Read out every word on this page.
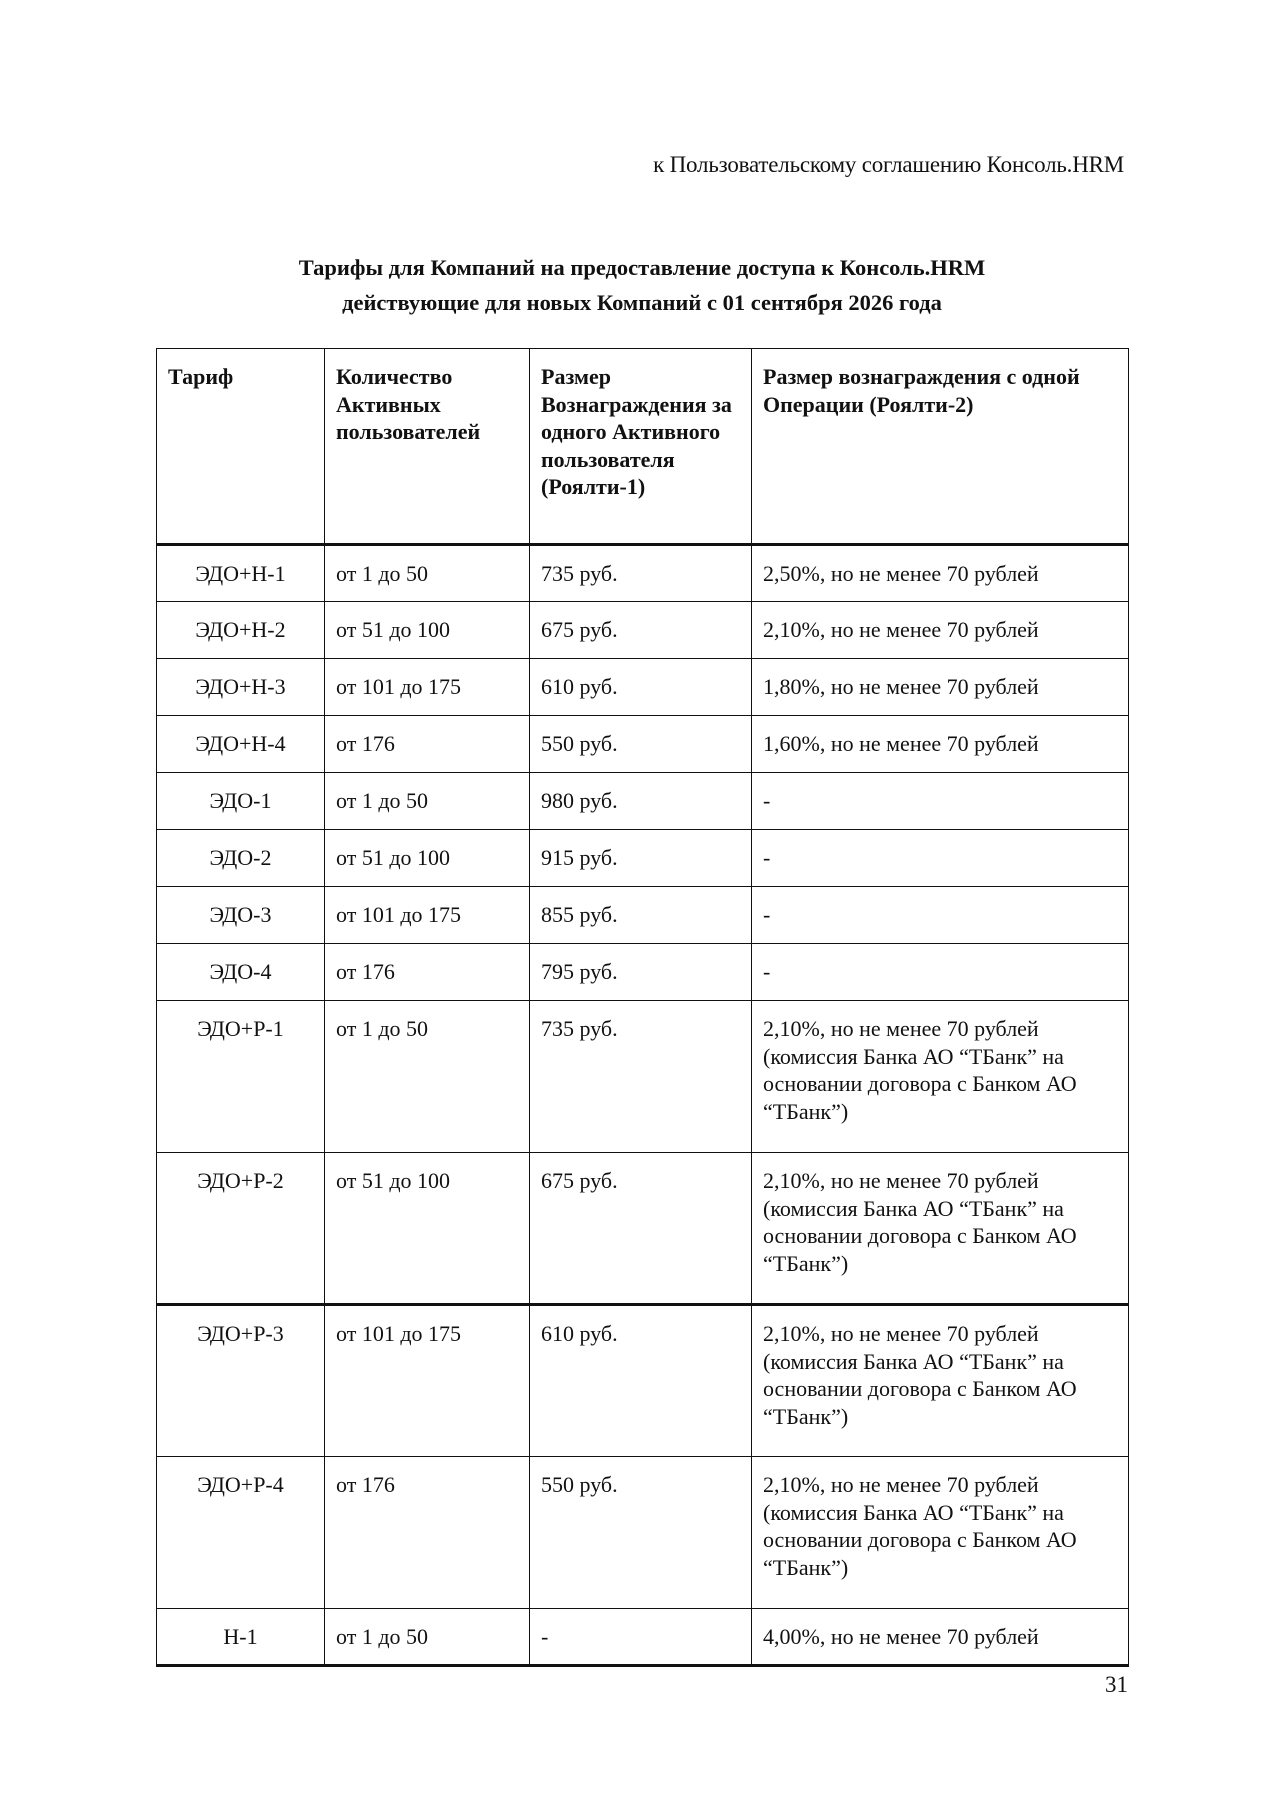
к Пользовательскому соглашению Консоль.HRM
Тарифы для Компаний на предоставление доступа к Консоль.HRM
действующие для новых Компаний с 01 сентября 2026 года
Тариф	Количество Активных пользователей	Размер Вознаграждения за одного Активного пользователя (Роялти-1)	Размер вознаграждения с одной Операции (Роялти-2)
ЭДО+Н-1	от 1 до 50	735 руб.	2,50%, но не менее 70 рублей
ЭДО+Н-2	от 51 до 100	675 руб.	2,10%, но не менее 70 рублей
ЭДО+Н-3	от 101 до 175	610 руб.	1,80%, но не менее 70 рублей
ЭДО+Н-4	от 176	550 руб.	1,60%, но не менее 70 рублей
ЭДО-1	от 1 до 50	980 руб.	-
ЭДО-2	от 51 до 100	915 руб.	-
ЭДО-3	от 101 до 175	855 руб.	-
ЭДО-4	от 176	795 руб.	-
ЭДО+Р-1	от 1 до 50	735 руб.	2,10%, но не менее 70 рублей (комиссия Банка АО “ТБанк” на основании договора с Банком АО “ТБанк”)
ЭДО+Р-2	от 51 до 100	675 руб.	2,10%, но не менее 70 рублей (комиссия Банка АО “ТБанк” на основании договора с Банком АО “ТБанк”)
ЭДО+Р-3	от 101 до 175	610 руб.	2,10%, но не менее 70 рублей (комиссия Банка АО “ТБанк” на основании договора с Банком АО “ТБанк”)
ЭДО+Р-4	от 176	550 руб.	2,10%, но не менее 70 рублей (комиссия Банка АО “ТБанк” на основании договора с Банком АО “ТБанк”)
Н-1	от 1 до 50	-	4,00%, но не менее 70 рублей
31
